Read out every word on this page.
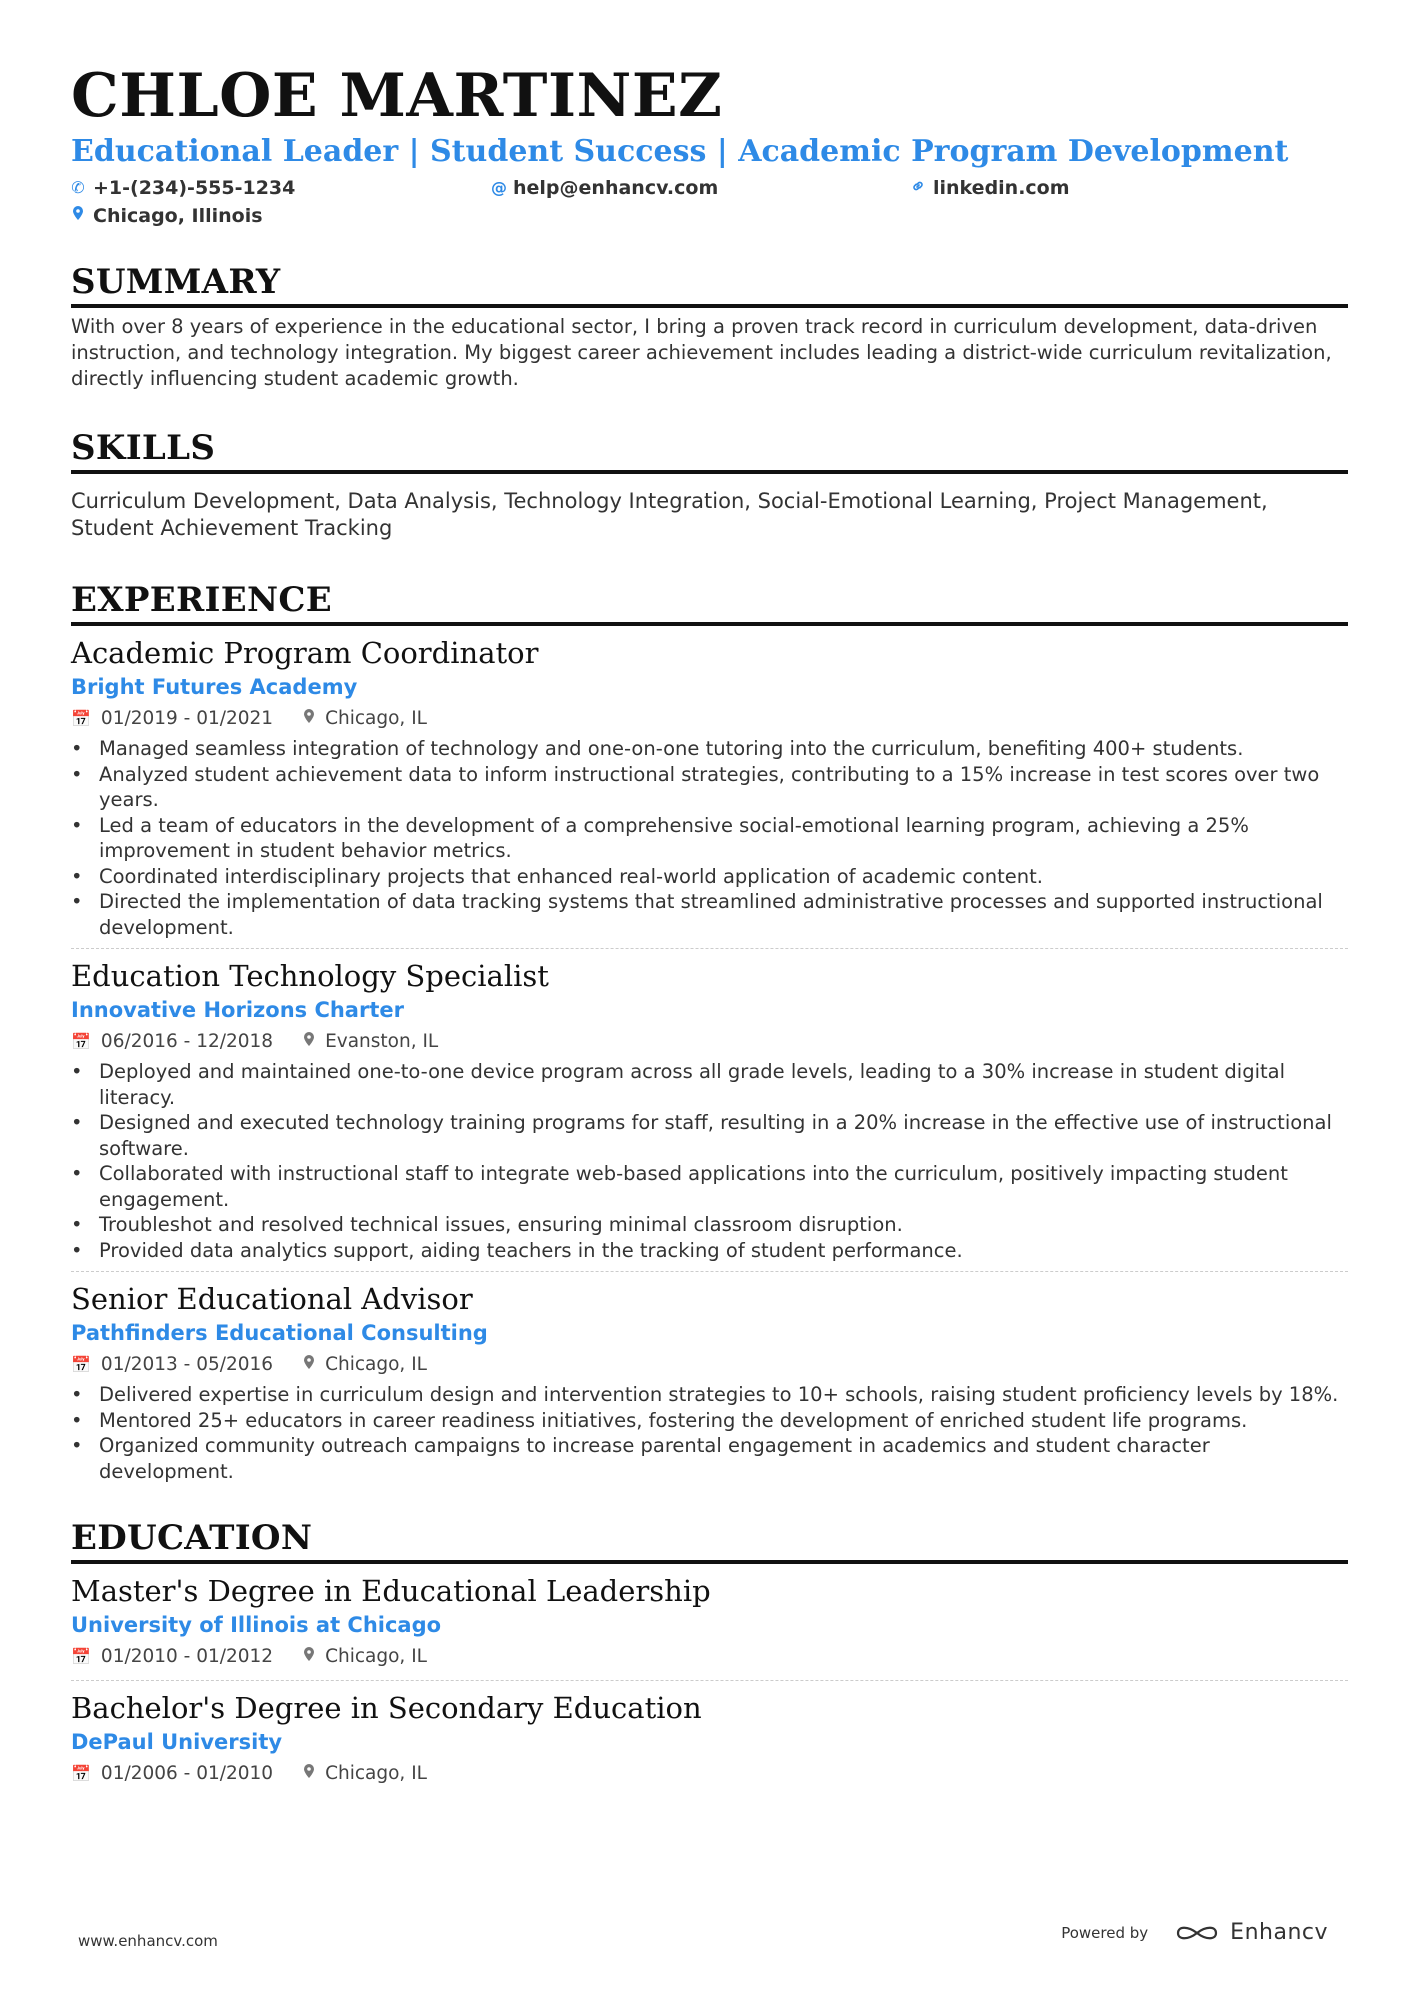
CHLOE MARTINEZ
Educational Leader | Student Success | Academic Program Development
✆ +1-(234)-555-1234	@ help@enhancv.com	linkedin.com
Chicago, Illinois
SUMMARY

With over 8 years of experience in the educational sector, I bring a proven track record in curriculum development, data-driven instruction, and technology integration. My biggest career achievement includes leading a district-wide curriculum revitalization, directly influencing student academic growth.

SKILLS

Curriculum Development, Data Analysis, Technology Integration, Social-Emotional Learning, Project Management, Student Achievement Tracking

EXPERIENCE
Academic Program Coordinator
Bright Futures Academy
📅 01/2019 - 01/2021	Chicago, IL
• Managed seamless integration of technology and one-on-one tutoring into the curriculum, benefiting 400+ students.
• Analyzed student achievement data to inform instructional strategies, contributing to a 15% increase in test scores over two years.
• Led a team of educators in the development of a comprehensive social-emotional learning program, achieving a 25% improvement in student behavior metrics.
• Coordinated interdisciplinary projects that enhanced real-world application of academic content.
• Directed the implementation of data tracking systems that streamlined administrative processes and supported instructional development.
Education Technology Specialist
Innovative Horizons Charter
📅 06/2016 - 12/2018	Evanston, IL
• Deployed and maintained one-to-one device program across all grade levels, leading to a 30% increase in student digital literacy.
• Designed and executed technology training programs for staff, resulting in a 20% increase in the effective use of instructional software.
• Collaborated with instructional staff to integrate web-based applications into the curriculum, positively impacting student engagement.
• Troubleshot and resolved technical issues, ensuring minimal classroom disruption.
• Provided data analytics support, aiding teachers in the tracking of student performance.
Senior Educational Advisor
Pathfinders Educational Consulting
📅 01/2013 - 05/2016	Chicago, IL
• Delivered expertise in curriculum design and intervention strategies to 10+ schools, raising student proficiency levels by 18%.
• Mentored 25+ educators in career readiness initiatives, fostering the development of enriched student life programs.
• Organized community outreach campaigns to increase parental engagement in academics and student character development.
EDUCATION
Master's Degree in Educational Leadership
University of Illinois at Chicago
📅 01/2010 - 01/2012	Chicago, IL
Bachelor's Degree in Secondary Education
DePaul University
📅 01/2006 - 01/2010	Chicago, IL
www.enhancv.com	Powered by	Enhancv
